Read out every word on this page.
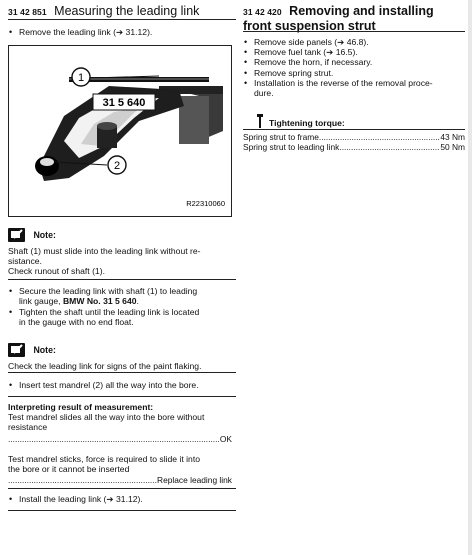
31 42 851 Measuring the leading link
• Remove the leading link (➔ 31.12).
1
2
31 5 640
R22310060
Note:
Shaft (1) must slide into the leading link without re-
sistance.
Check runout of shaft (1).
• Secure the leading link with shaft (1) to leading
link gauge, BMW No. 31 5 640.
• Tighten the shaft until the leading link is located
in the gauge with no end float.
Note:
Check the leading link for signs of the paint flaking.
• Insert test mandrel (2) all the way into the bore.
Interpreting result of measurement:
Test mandrel slides all the way into the bore without
resistance
.....
OK
Test mandrel sticks, force is required to slide it into
the bore or it cannot be inserted
.....
Replace leading link
• Install the leading link (➔ 31.12).
31 42 420 Removing and installing
front suspension strut
• Remove side panels (➔ 46.8).
• Remove fuel tank (➔ 16.5).
• Remove the horn, if necessary.
• Remove spring strut.
• Installation is the reverse of the removal proce-
dure.
Tightening torque:
Spring strut to frame .....	43 Nm
Spring strut to leading link .....	50 Nm
